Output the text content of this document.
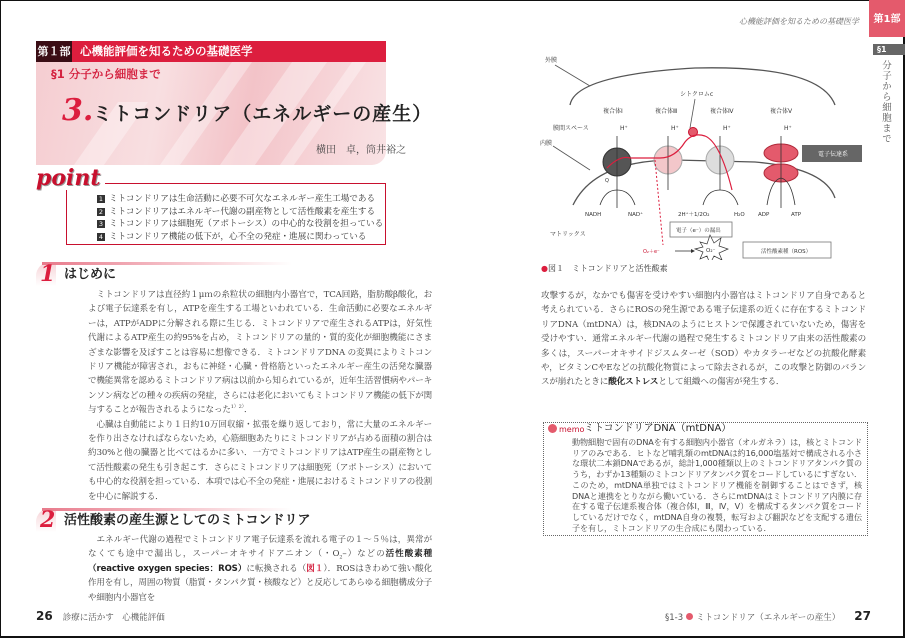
第１部 心機能評価を知るための基礎医学
§1 分子から細胞まで
3. ミトコンドリア（エネルギーの産生）
横田　卓，筒井裕之
point
1 ミトコンドリアは生命活動に必要不可欠なエネルギー産生工場である
2 ミトコンドリアはエネルギー代謝の副産物として活性酸素を産生する
3 ミトコンドリアは細胞死（アポトーシス）の中心的な役割を担っている
4 ミトコンドリア機能の低下が，心不全の発症・進展に関わっている
1 はじめに

ミトコンドリアは直径約１μｍの糸粒状の細胞内小器官で，TCA回路，脂肪酸β酸化，および電子伝達系を有し，ATPを産生する工場といわれている．生命活動に必要なエネルギーは，ATPがADPに分解される際に生じる．ミトコンドリアで産生されるATPは，好気性代謝によるATP産生の約95%を占め，ミトコンドリアの量的・質的変化が細胞機能にさまざまな影響を及ぼすことは容易に想像できる．ミトコンドリアDNA の変異によりミトコンドリア機能が障害され，おもに神経・心臓・骨格筋といったエネルギー産生の活発な臓器で機能異常を認めるミトコンドリア病は以前から知られているが，近年生活習慣病やパーキンソン病などの種々の疾病の発症，さらには老化においてもミトコンドリア機能の低下が関与することが報告されるようになった$^{1)2)}$．

心臓は自動能により１日約10万回収縮・拡張を繰り返しており，常に大量のエネルギーを作り出さなければならないため，心筋細胞あたりにミトコンドリアが占める面積の割合は約30%と他の臓器と比べてはるかに多い．一方でミトコンドリアはATP産生の副産物として活性酸素の発生も引き起こす．さらにミトコンドリアは細胞死（アポトーシス）においても中心的な役割を担っている．本項では心不全の発症・進展におけるミトコンドリアの役割を中心に解説する．

2 活性酸素の産生源としてのミトコンドリア

エネルギー代謝の過程でミトコンドリア電子伝達系を流れる電子の１～５％は，異常がなくても途中で漏出し，スーパーオキサイドアニオン（・$O_2-$）などの活性酸素種（reactive oxygen species：ROS）に転換される（図１）．ROSはきわめて強い酸化作用を有し，周囲の物質（脂質・タンパク質・核酸など）と反応してあらゆる細胞構成分子や細胞内小器官を

26 診療に活かす　心機能評価
心機能評価を知るための基礎医学	第1部
§1
分子から細胞まで
外膜
内膜
膜間スペース
マトリックス
複合体Ⅰ	複合体Ⅲ	複合体Ⅳ	複合体Ⅴ
シトクロムc
H⁺	H⁺	H⁺	H⁺
Q
NADH	NAD⁺	2H⁺＋1/2O₂	H₂O ADP	ATP
電子伝達系
電子（e⁻）の漏出
O₂＋e⁻	O₂⁻	活性酸素種（ROS）
●図１　ミトコンドリアと活性酸素

攻撃するが，なかでも傷害を受けやすい細胞内小器官はミトコンドリア自身であると考えられている．さらにROSの発生源である電子伝達系の近くに存在するミトコンドリアDNA（mtDNA）は，核DNAのようにヒストンで保護されていないため，傷害を受けやすい．通常エネルギー代謝の過程で発生するミトコンドリア由来の活性酸素の多くは，スーパーオキサイドジスムターゼ（SOD）やカタラーゼなどの抗酸化酵素や，ビタミンCやEなどの抗酸化物質によって除去されるが，この攻撃と防御のバランスが崩れたときに酸化ストレスとして組織への傷害が発生する．

memo ミトコンドリアDNA（mtDNA）
動物細胞で固有のDNAを有する細胞内小器官（オルガネラ）は，核とミトコンドリアのみである．ヒトなど哺乳類のmtDNAは約16,000塩基対で構成される小さな環状二本鎖DNAであるが，総計1,000種類以上のミトコンドリアタンパク質のうち，わずか13種類のミトコンドリアタンパク質をコードしているにすぎない．このため，mtDNA単独ではミトコンドリア機能を制御することはできず，核DNAと連携をとりながら働いている．さらにmtDNAはミトコンドリア内膜に存在する電子伝達系複合体（複合体Ⅰ，Ⅲ，Ⅳ，Ⅴ）を構成するタンパク質をコードしているだけでなく，mtDNA自身の複製，転写および翻訳などを支配する遺伝子を有し，ミトコンドリアの生合成にも関わっている．
§1-3 ミトコンドリア（エネルギーの産生） 27
